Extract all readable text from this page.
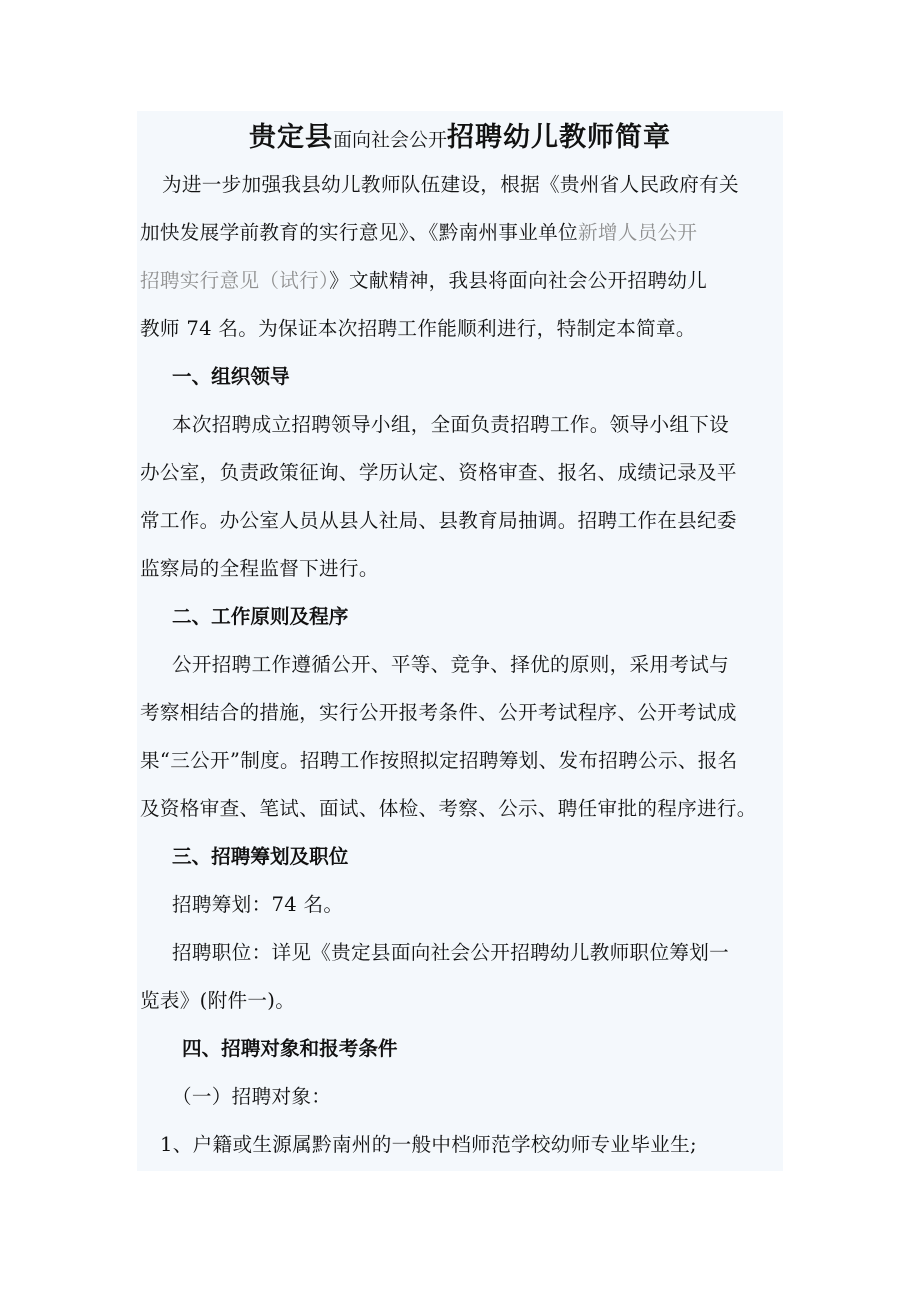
贵定县面向社会公开招聘幼儿教师简章
为进一步加强我县幼儿教师队伍建设，根据《贵州省人民政府有关
加快发展学前教育的实行意见》、《黔南州事业单位新增人员公开
招聘实行意见（试行）》文献精神，我县将面向社会公开招聘幼儿
教师 74 名。为保证本次招聘工作能顺利进行，特制定本简章。
一、组织领导
本次招聘成立招聘领导小组，全面负责招聘工作。领导小组下设
办公室，负责政策征询、学历认定、资格审查、报名、成绩记录及平
常工作。办公室人员从县人社局、县教育局抽调。招聘工作在县纪委
监察局的全程监督下进行。
二、工作原则及程序
公开招聘工作遵循公开、平等、竞争、择优的原则，采用考试与
考察相结合的措施，实行公开报考条件、公开考试程序、公开考试成
果“三公开”制度。招聘工作按照拟定招聘筹划、发布招聘公示、报名
及资格审查、笔试、面试、体检、考察、公示、聘任审批的程序进行。
三、招聘筹划及职位
招聘筹划：74 名。
招聘职位：详见《贵定县面向社会公开招聘幼儿教师职位筹划一
览表》(附件一)。
四、招聘对象和报考条件
（一）招聘对象：
1、户籍或生源属黔南州的一般中档师范学校幼师专业毕业生;
